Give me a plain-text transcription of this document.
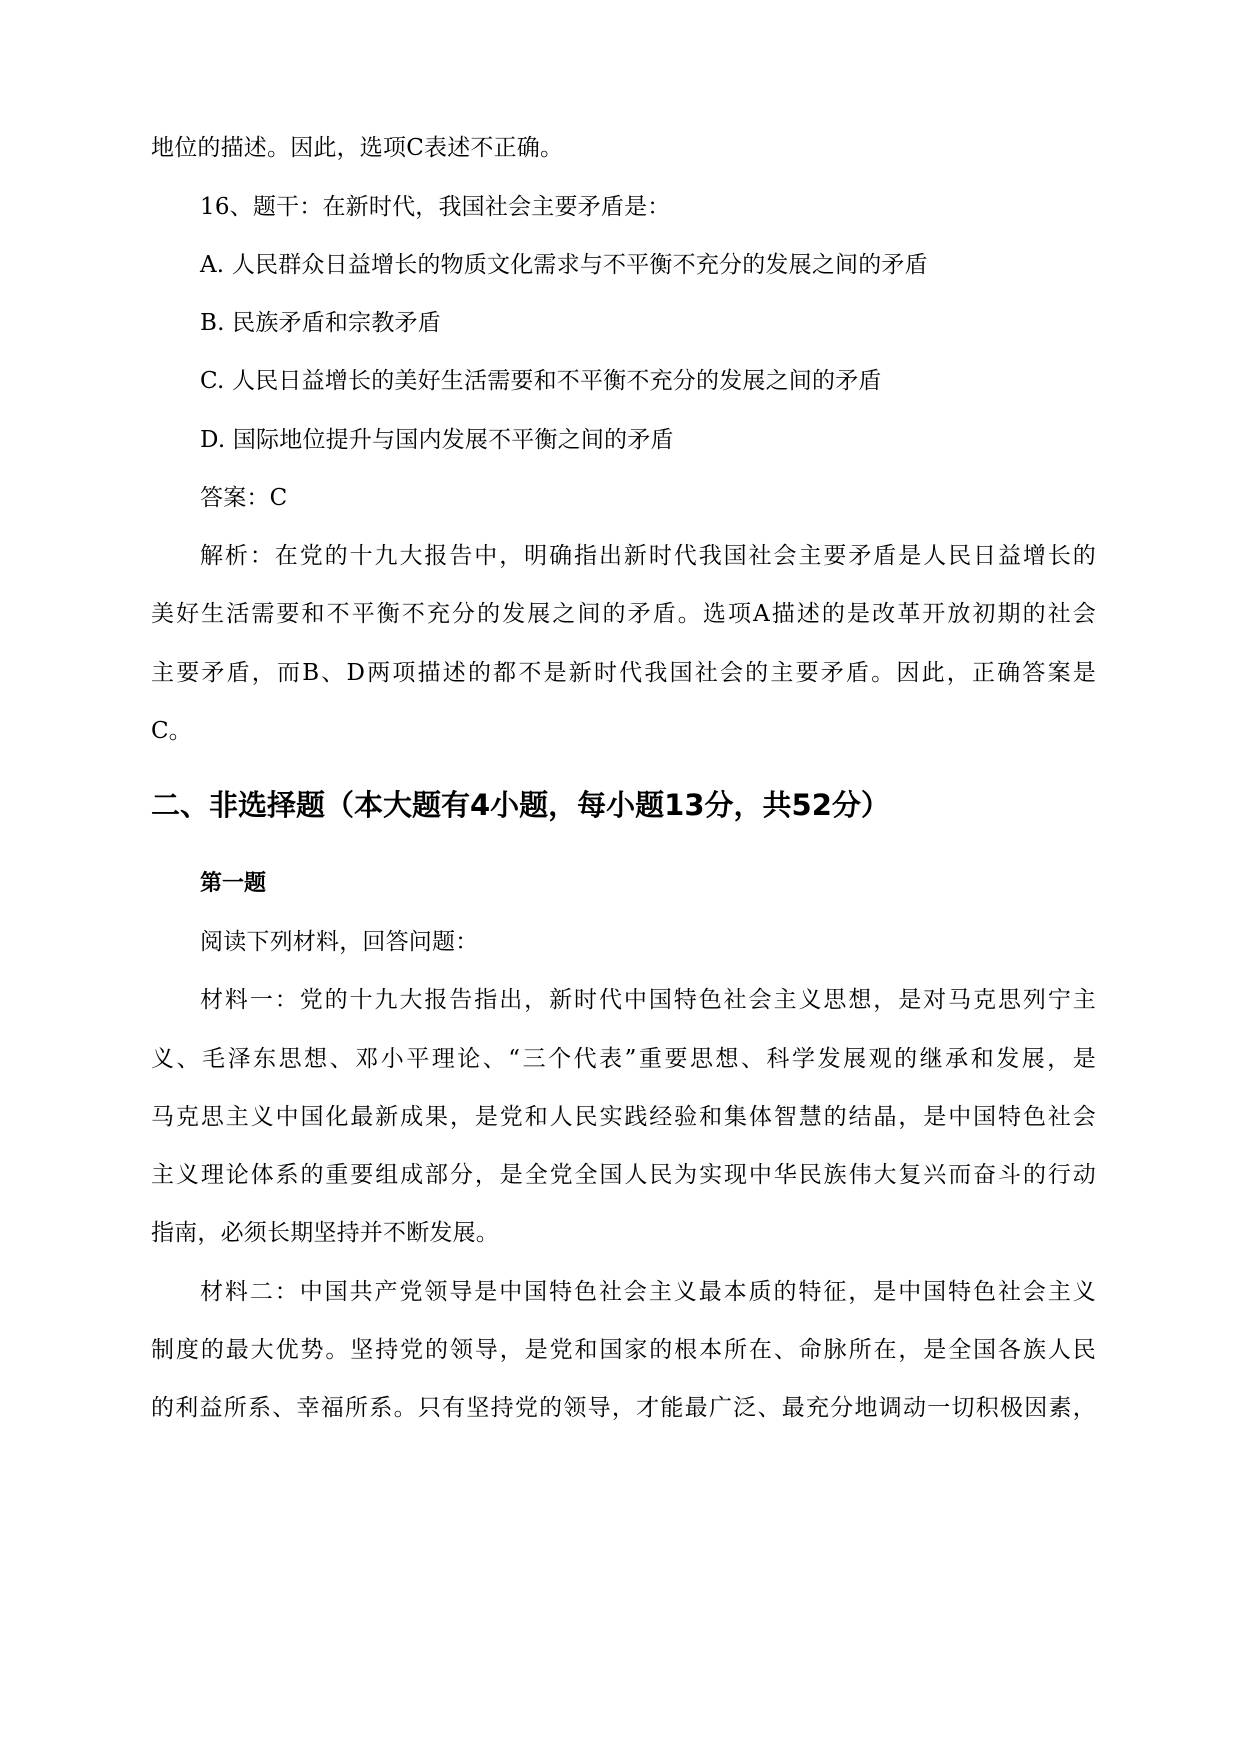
地位的描述。因此，选项C表述不正确。
16、题干：在新时代，我国社会主要矛盾是：
A. 人民群众日益增长的物质文化需求与不平衡不充分的发展之间的矛盾
B. 民族矛盾和宗教矛盾
C. 人民日益增长的美好生活需要和不平衡不充分的发展之间的矛盾
D. 国际地位提升与国内发展不平衡之间的矛盾
答案：C
解析：在党的十九大报告中，明确指出新时代我国社会主要矛盾是人民日益增长的
美好生活需要和不平衡不充分的发展之间的矛盾。选项A描述的是改革开放初期的社会
主要矛盾，而B、D两项描述的都不是新时代我国社会的主要矛盾。因此，正确答案是
C。
二、非选择题（本大题有4小题，每小题13分，共52分）
第一题
阅读下列材料，回答问题：
材料一：党的十九大报告指出，新时代中国特色社会主义思想，是对马克思列宁主
义、毛泽东思想、邓小平理论、“三个代表”重要思想、科学发展观的继承和发展，是
马克思主义中国化最新成果，是党和人民实践经验和集体智慧的结晶，是中国特色社会
主义理论体系的重要组成部分，是全党全国人民为实现中华民族伟大复兴而奋斗的行动
指南，必须长期坚持并不断发展。
材料二：中国共产党领导是中国特色社会主义最本质的特征，是中国特色社会主义
制度的最大优势。坚持党的领导，是党和国家的根本所在、命脉所在，是全国各族人民
的利益所系、幸福所系。只有坚持党的领导，才能最广泛、最充分地调动一切积极因素，
